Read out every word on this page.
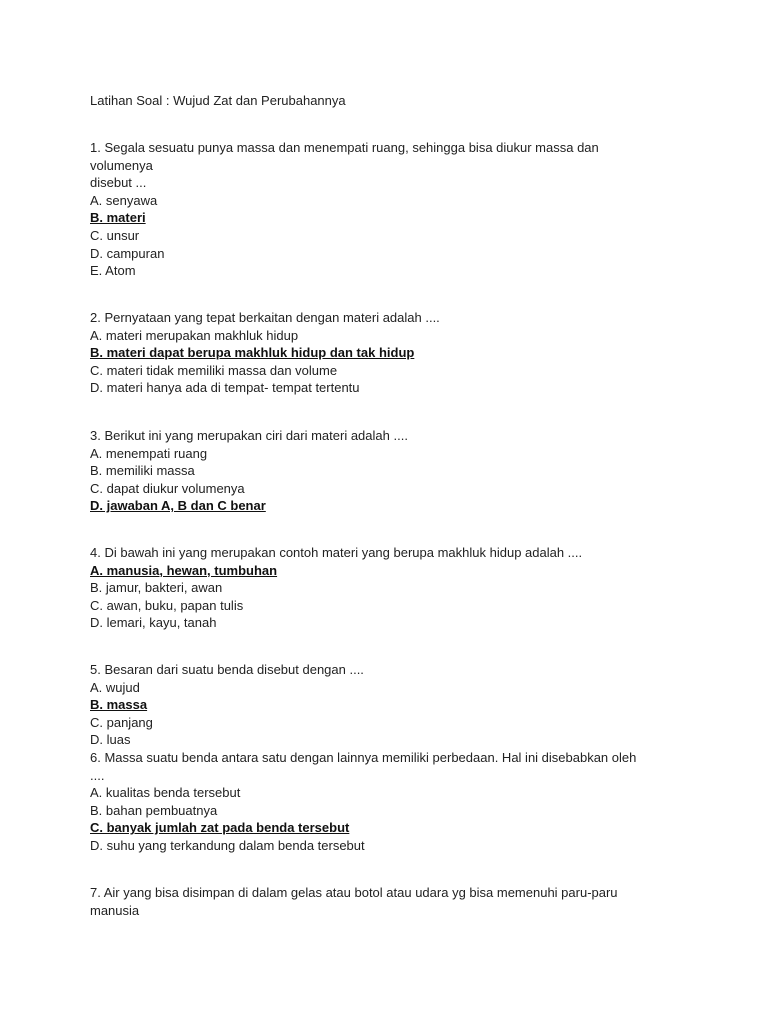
Latihan Soal : Wujud Zat dan Perubahannya
1. Segala sesuatu punya massa dan menempati ruang, sehingga bisa diukur massa dan volumenya
disebut ...
A. senyawa
B. materi
C. unsur
D. campuran
E. Atom
2. Pernyataan yang tepat berkaitan dengan materi adalah ....
A. materi merupakan makhluk hidup
B. materi dapat berupa makhluk hidup dan tak hidup
C. materi tidak memiliki massa dan volume
D. materi hanya ada di tempat- tempat tertentu
3. Berikut ini yang merupakan ciri dari materi adalah ....
A. menempati ruang
B. memiliki massa
C. dapat diukur volumenya
D. jawaban A, B dan C benar
4. Di bawah ini yang merupakan contoh materi yang berupa makhluk hidup adalah ....
A. manusia, hewan, tumbuhan
B. jamur, bakteri, awan
C. awan, buku, papan tulis
D. lemari, kayu, tanah
5. Besaran dari suatu benda disebut dengan ....
A. wujud
B. massa
C. panjang
D. luas
6. Massa suatu benda antara satu dengan lainnya memiliki perbedaan. Hal ini disebabkan oleh ....
A. kualitas benda tersebut
B. bahan pembuatnya
C. banyak jumlah zat pada benda tersebut
D. suhu yang terkandung dalam benda tersebut
7. Air yang bisa disimpan di dalam gelas atau botol atau udara yg bisa memenuhi paru-paru manusia
